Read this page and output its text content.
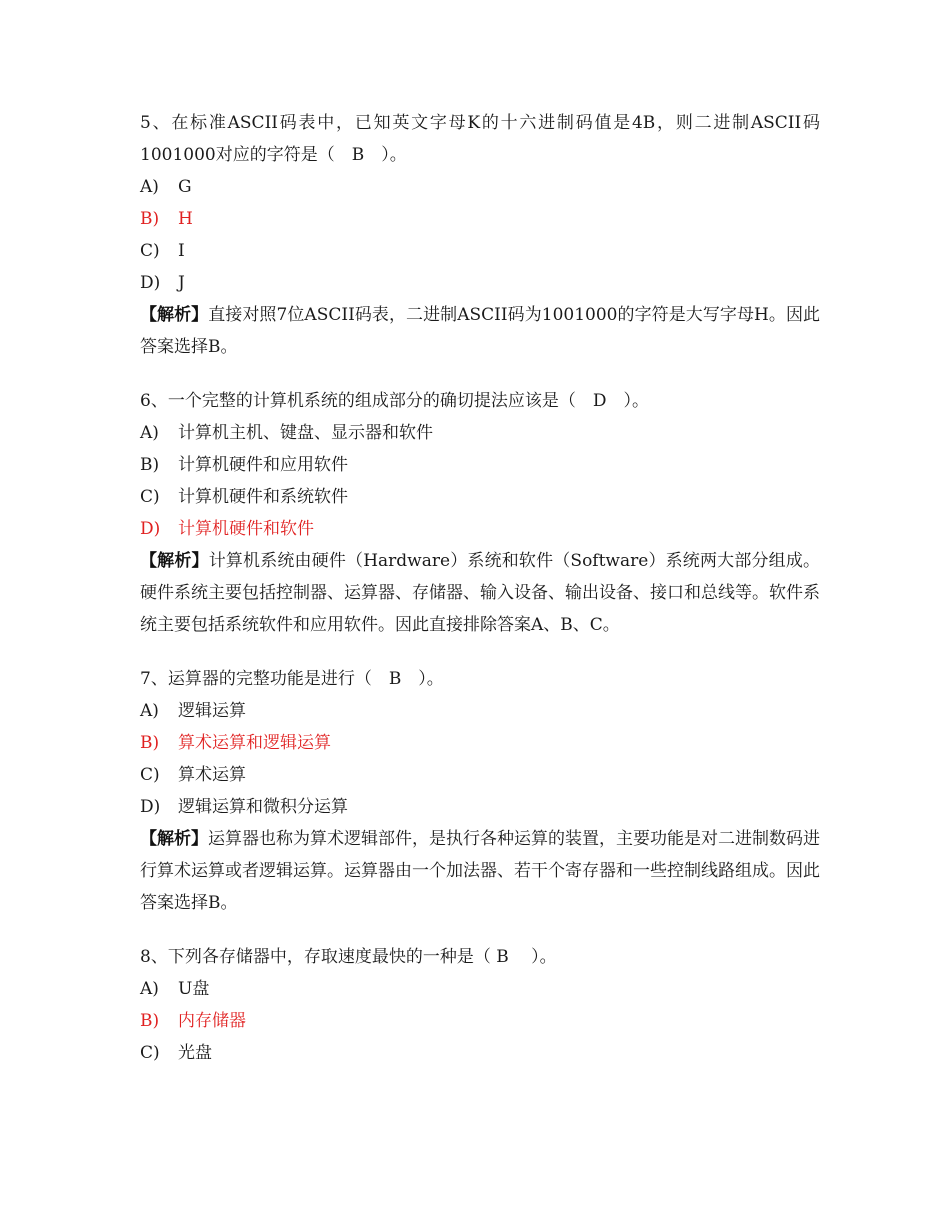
5、在标准ASCII码表中，已知英文字母K的十六进制码值是4B，则二进制ASCII码1001000对应的字符是（　B　）。
A) G
B) H
C) I
D) J
【解析】直接对照7位ASCII码表，二进制ASCII码为1001000的字符是大写字母H。因此答案选择B。
6、一个完整的计算机系统的组成部分的确切提法应该是（　D　）。
A) 计算机主机、键盘、显示器和软件
B) 计算机硬件和应用软件
C) 计算机硬件和系统软件
D) 计算机硬件和软件
【解析】计算机系统由硬件（Hardware）系统和软件（Software）系统两大部分组成。硬件系统主要包括控制器、运算器、存储器、输入设备、输出设备、接口和总线等。软件系统主要包括系统软件和应用软件。因此直接排除答案A、B、C。
7、运算器的完整功能是进行（　B　）。
A) 逻辑运算
B) 算术运算和逻辑运算
C) 算术运算
D) 逻辑运算和微积分运算
【解析】运算器也称为算术逻辑部件，是执行各种运算的装置，主要功能是对二进制数码进行算术运算或者逻辑运算。运算器由一个加法器、若干个寄存器和一些控制线路组成。因此答案选择B。
8、下列各存储器中，存取速度最快的一种是（ B　 ）。
A) U盘
B) 内存储器
C) 光盘
